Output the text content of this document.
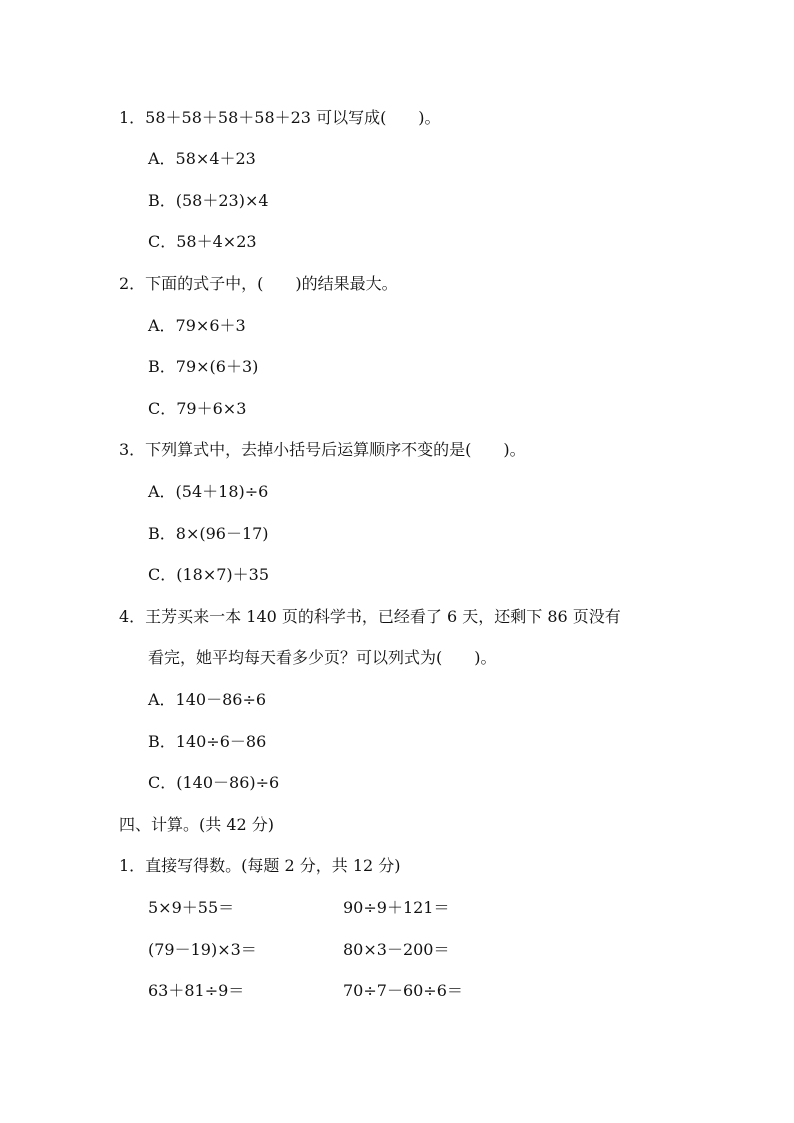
1．58＋58＋58＋58＋23 可以写成(　　)。
A．58×4＋23
B．(58＋23)×4
C．58＋4×23
2．下面的式子中，(　　)的结果最大。
A．79×6＋3
B．79×(6＋3)
C．79＋6×3
3．下列算式中，去掉小括号后运算顺序不变的是(　　)。
A．(54＋18)÷6
B．8×(96－17)
C．(18×7)＋35
4．王芳买来一本 140 页的科学书，已经看了 6 天，还剩下 86 页没有
看完，她平均每天看多少页？可以列式为(　　)。
A．140－86÷6
B．140÷6－86
C．(140－86)÷6
四、计算。(共 42 分)
1．直接写得数。(每题 2 分，共 12 分)
5×9＋55＝	90÷9＋121＝
(79－19)×3＝	80×3－200＝
63＋81÷9＝	70÷7－60÷6＝
